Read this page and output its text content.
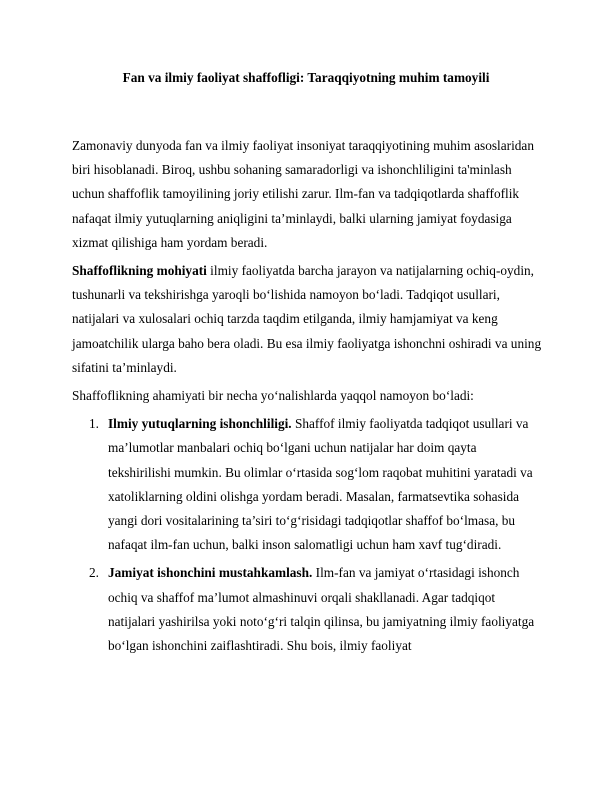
Fan va ilmiy faoliyat shaffofligi: Taraqqiyotning muhim tamoyili

Zamonaviy dunyoda fan va ilmiy faoliyat insoniyat taraqqiyotining muhim asoslaridan biri hisoblanadi. Biroq, ushbu sohaning samaradorligi va ishonchliligini ta'minlash uchun shaffoflik tamoyilining joriy etilishi zarur. Ilm-fan va tadqiqotlarda shaffoflik nafaqat ilmiy yutuqlarning aniqligini ta’minlaydi, balki ularning jamiyat foydasiga xizmat qilishiga ham yordam beradi.

Shaffoflikning mohiyati ilmiy faoliyatda barcha jarayon va natijalarning ochiq-oydin, tushunarli va tekshirishga yaroqli bo‘lishida namoyon bo‘ladi. Tadqiqot usullari, natijalari va xulosalari ochiq tarzda taqdim etilganda, ilmiy hamjamiyat va keng jamoatchilik ularga baho bera oladi. Bu esa ilmiy faoliyatga ishonchni oshiradi va uning sifatini ta’minlaydi.

Shaffoflikning ahamiyati bir necha yo‘nalishlarda yaqqol namoyon bo‘ladi:

1. Ilmiy yutuqlarning ishonchliligi. Shaffof ilmiy faoliyatda tadqiqot usullari va ma’lumotlar manbalari ochiq bo‘lgani uchun natijalar har doim qayta tekshirilishi mumkin. Bu olimlar o‘rtasida sog‘lom raqobat muhitini yaratadi va xatoliklarning oldini olishga yordam beradi. Masalan, farmatsevtika sohasida yangi dori vositalarining ta’siri to‘g‘risidagi tadqiqotlar shaffof bo‘lmasa, bu nafaqat ilm-fan uchun, balki inson salomatligi uchun ham xavf tug‘diradi.
2. Jamiyat ishonchini mustahkamlash. Ilm-fan va jamiyat o‘rtasidagi ishonch ochiq va shaffof ma’lumot almashinuvi orqali shakllanadi. Agar tadqiqot natijalari yashirilsa yoki noto‘g‘ri talqin qilinsa, bu jamiyatning ilmiy faoliyatga bo‘lgan ishonchini zaiflashtiradi. Shu bois, ilmiy faoliyat
